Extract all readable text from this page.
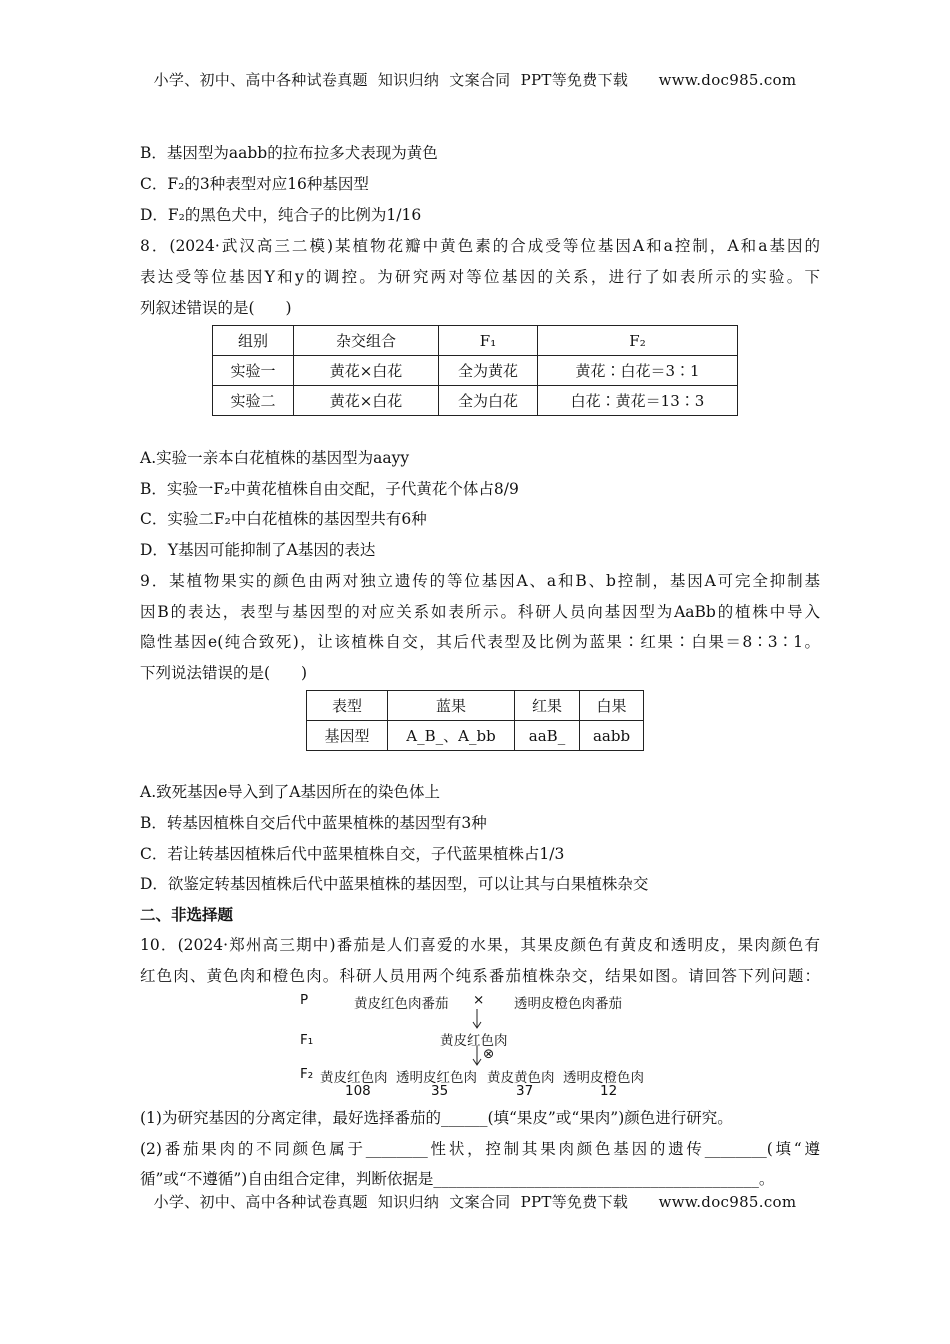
小学、初中、高中各种试卷真题  知识归纳  文案合同  PPT等免费下载      www.doc985.com
B．基因型为aabb的拉布拉多犬表现为黄色
C．F₂的3种表型对应16种基因型
D．F₂的黑色犬中，纯合子的比例为1/16
8．(2024·武汉高三二模)某植物花瓣中黄色素的合成受等位基因A和a控制，A和a基因的
表达受等位基因Y和y的调控。为研究两对等位基因的关系，进行了如表所示的实验。下
列叙述错误的是(　　)
组别	杂交组合	F₁	F₂
实验一	黄花×白花	全为黄花	黄花∶白花＝3∶1
实验二	黄花×白花	全为白花	白花∶黄花＝13∶3
A.实验一亲本白花植株的基因型为aayy
B．实验一F₂中黄花植株自由交配，子代黄花个体占8/9
C．实验二F₂中白花植株的基因型共有6种
D．Y基因可能抑制了A基因的表达
9．某植物果实的颜色由两对独立遗传的等位基因A、a和B、b控制，基因A可完全抑制基
因B的表达，表型与基因型的对应关系如表所示。科研人员向基因型为AaBb的植株中导入
隐性基因e(纯合致死)，让该植株自交，其后代表型及比例为蓝果∶红果∶白果＝8∶3∶1。
下列说法错误的是(　　)
表型	蓝果	红果	白果
基因型	A_B_、A_bb	aaB_	aabb
A.致死基因e导入到了A基因所在的染色体上
B．转基因植株自交后代中蓝果植株的基因型有3种
C．若让转基因植株后代中蓝果植株自交，子代蓝果植株占1/3
D．欲鉴定转基因植株后代中蓝果植株的基因型，可以让其与白果植株杂交
二、非选择题
10．(2024·郑州高三期中)番茄是人们喜爱的水果，其果皮颜色有黄皮和透明皮，果肉颜色有
红色肉、黄色肉和橙色肉。科研人员用两个纯系番茄植株杂交，结果如图。请回答下列问题：
P	黄皮红色肉番茄 × 透明皮橙色肉番茄
F₁	黄皮红色肉
⊗
F₂ 黄皮红色肉 透明皮红色肉 黄皮黄色肉 透明皮橙色肉
108	35	37	12
(1)为研究基因的分离定律，最好选择番茄的______(填“果皮”或“果肉”)颜色进行研究。
(2)番茄果肉的不同颜色属于________性状，控制其果肉颜色基因的遗传________(填“遵
循”或“不遵循”)自由组合定律，判断依据是__________________________________________。
小学、初中、高中各种试卷真题  知识归纳  文案合同  PPT等免费下载      www.doc985.com
